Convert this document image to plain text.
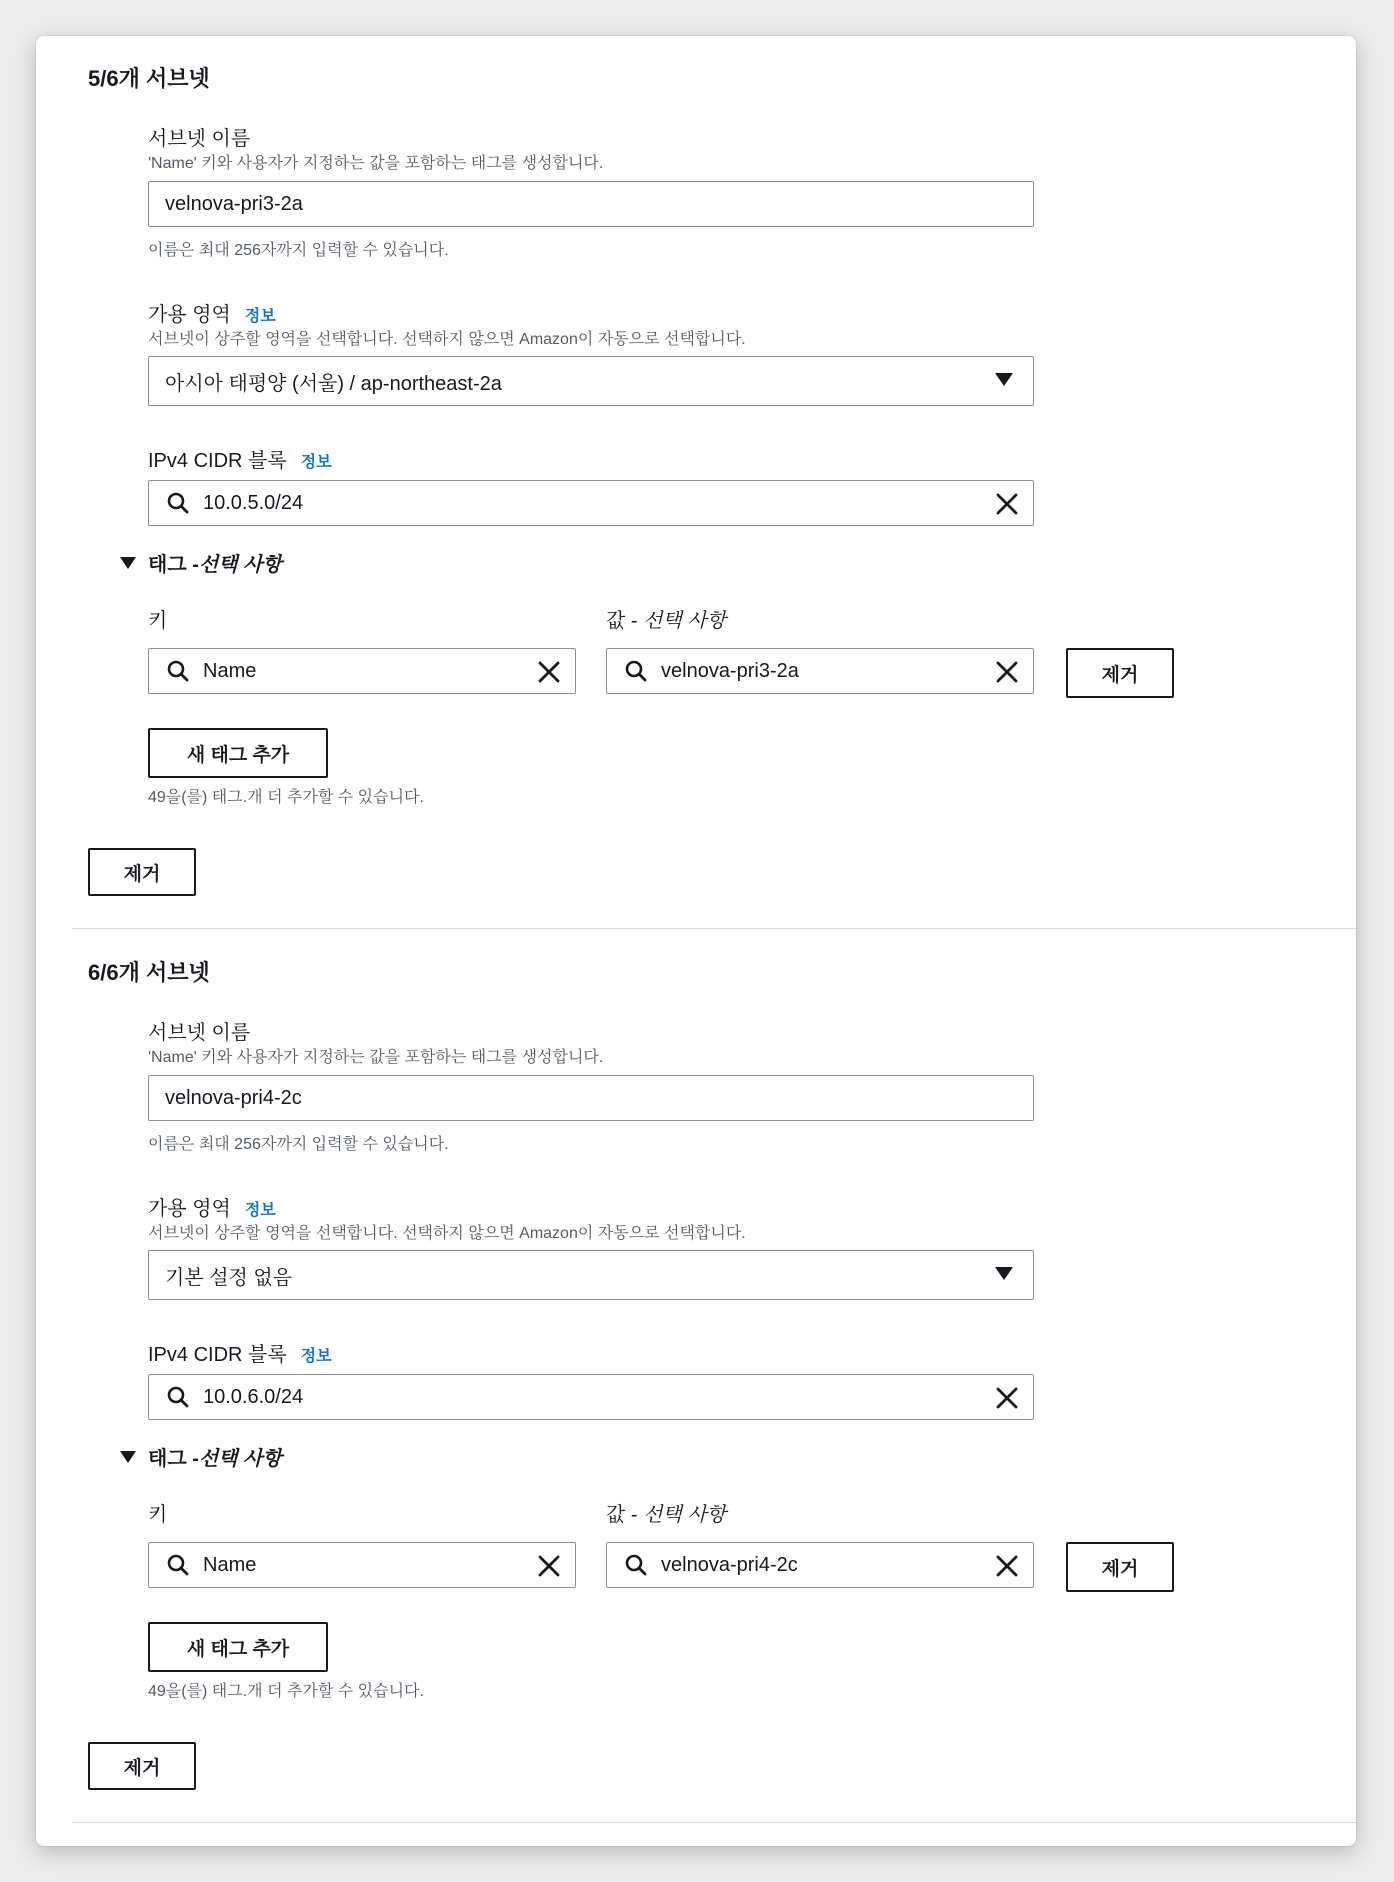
5/6개 서브넷
서브넷 이름
'Name' 키와 사용자가 지정하는 값을 포함하는 태그를 생성합니다.
velnova-pri3-2a
이름은 최대 256자까지 입력할 수 있습니다.
가용 영역 정보
서브넷이 상주할 영역을 선택합니다. 선택하지 않으면 Amazon이 자동으로 선택합니다.
아시아 태평양 (서울) / ap-northeast-2a
IPv4 CIDR 블록 정보
10.0.5.0/24
태그 - 선택 사항
키	값 - 선택 사항
Name	velnova-pri3-2a	제거
새 태그 추가
49을(를) 태그.개 더 추가할 수 있습니다.
제거
6/6개 서브넷
서브넷 이름
'Name' 키와 사용자가 지정하는 값을 포함하는 태그를 생성합니다.
velnova-pri4-2c
이름은 최대 256자까지 입력할 수 있습니다.
가용 영역 정보
서브넷이 상주할 영역을 선택합니다. 선택하지 않으면 Amazon이 자동으로 선택합니다.
기본 설정 없음
IPv4 CIDR 블록 정보
10.0.6.0/24
태그 - 선택 사항
키	값 - 선택 사항
Name	velnova-pri4-2c	제거
새 태그 추가
49을(를) 태그.개 더 추가할 수 있습니다.
제거
